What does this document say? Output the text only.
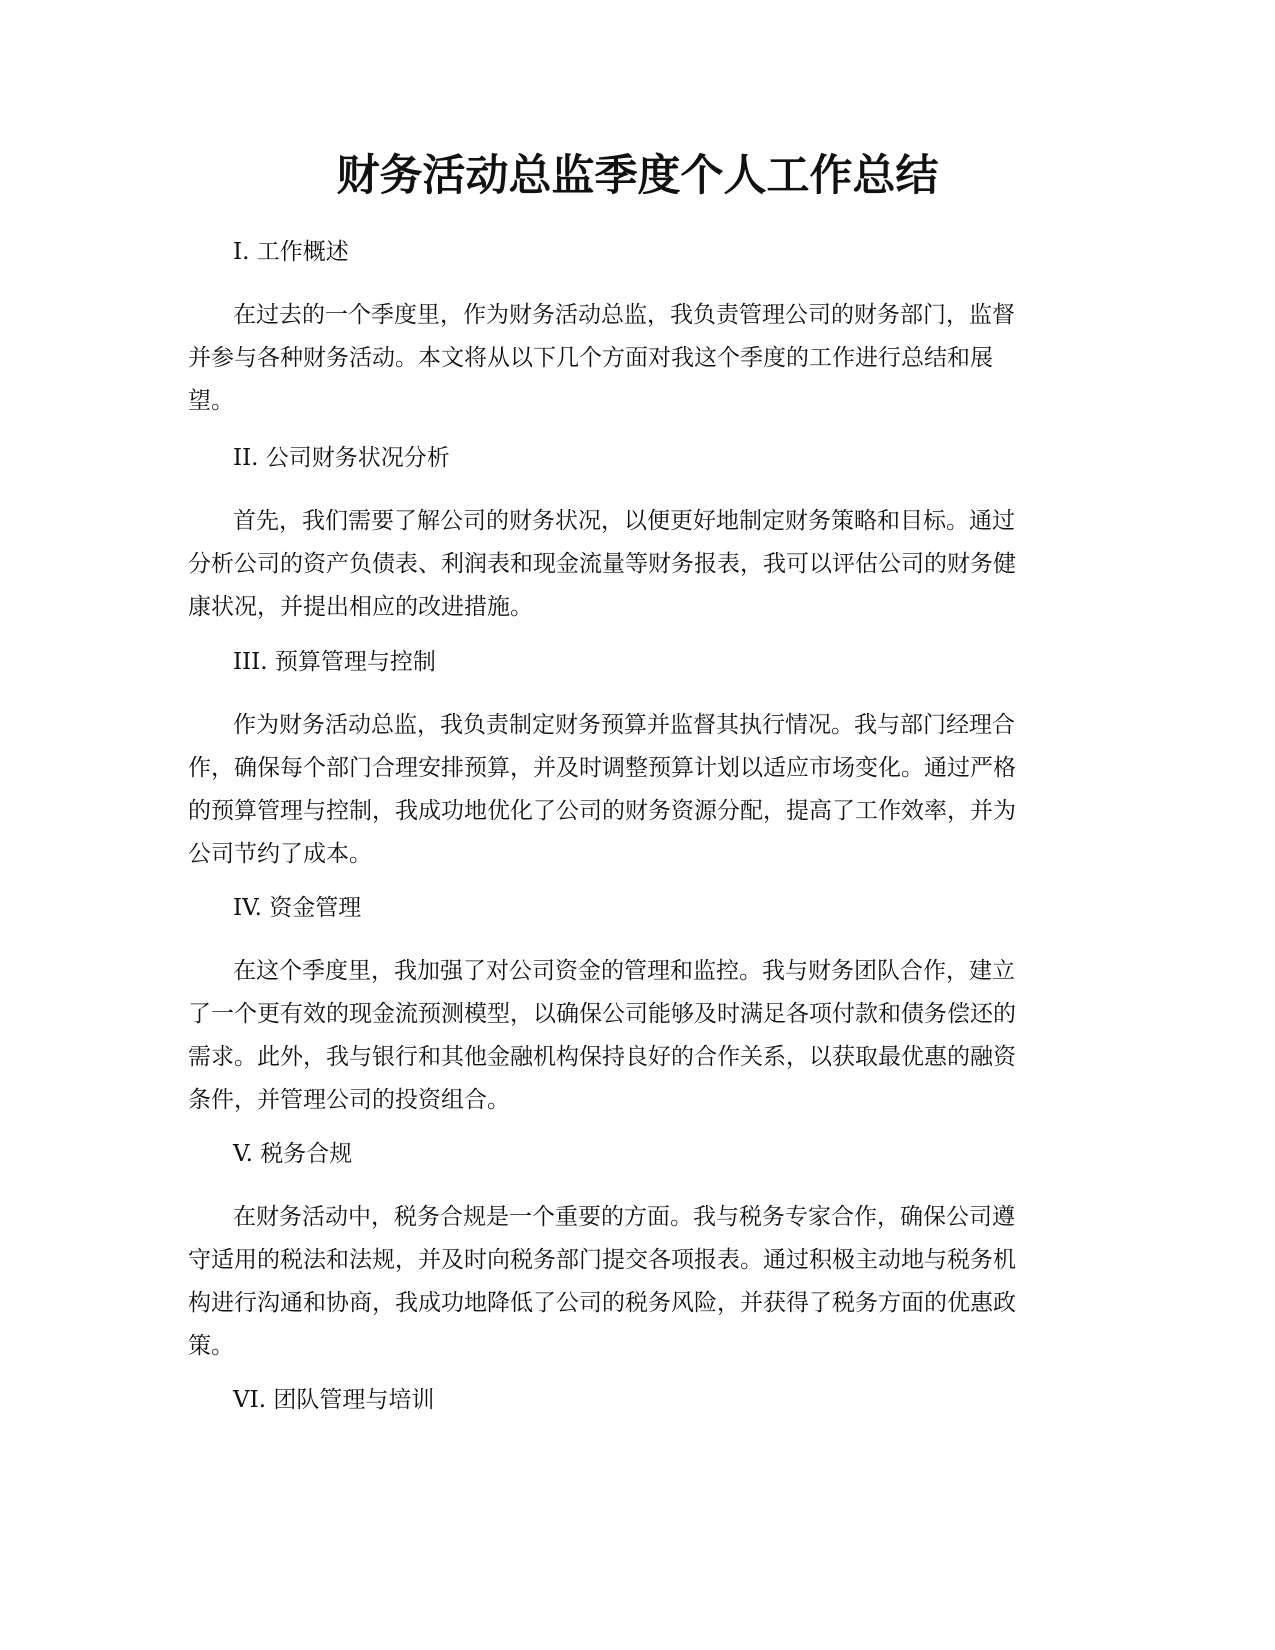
财务活动总监季度个人工作总结

I. 工作概述

在过去的一个季度里，作为财务活动总监，我负责管理公司的财务部门，监督
并参与各种财务活动。本文将从以下几个方面对我这个季度的工作进行总结和展
望。

II. 公司财务状况分析

首先，我们需要了解公司的财务状况，以便更好地制定财务策略和目标。通过
分析公司的资产负债表、利润表和现金流量等财务报表，我可以评估公司的财务健
康状况，并提出相应的改进措施。

III. 预算管理与控制

作为财务活动总监，我负责制定财务预算并监督其执行情况。我与部门经理合
作，确保每个部门合理安排预算，并及时调整预算计划以适应市场变化。通过严格
的预算管理与控制，我成功地优化了公司的财务资源分配，提高了工作效率，并为
公司节约了成本。

IV. 资金管理

在这个季度里，我加强了对公司资金的管理和监控。我与财务团队合作，建立
了一个更有效的现金流预测模型，以确保公司能够及时满足各项付款和债务偿还的
需求。此外，我与银行和其他金融机构保持良好的合作关系，以获取最优惠的融资
条件，并管理公司的投资组合。

V. 税务合规

在财务活动中，税务合规是一个重要的方面。我与税务专家合作，确保公司遵
守适用的税法和法规，并及时向税务部门提交各项报表。通过积极主动地与税务机
构进行沟通和协商，我成功地降低了公司的税务风险，并获得了税务方面的优惠政
策。

VI. 团队管理与培训
